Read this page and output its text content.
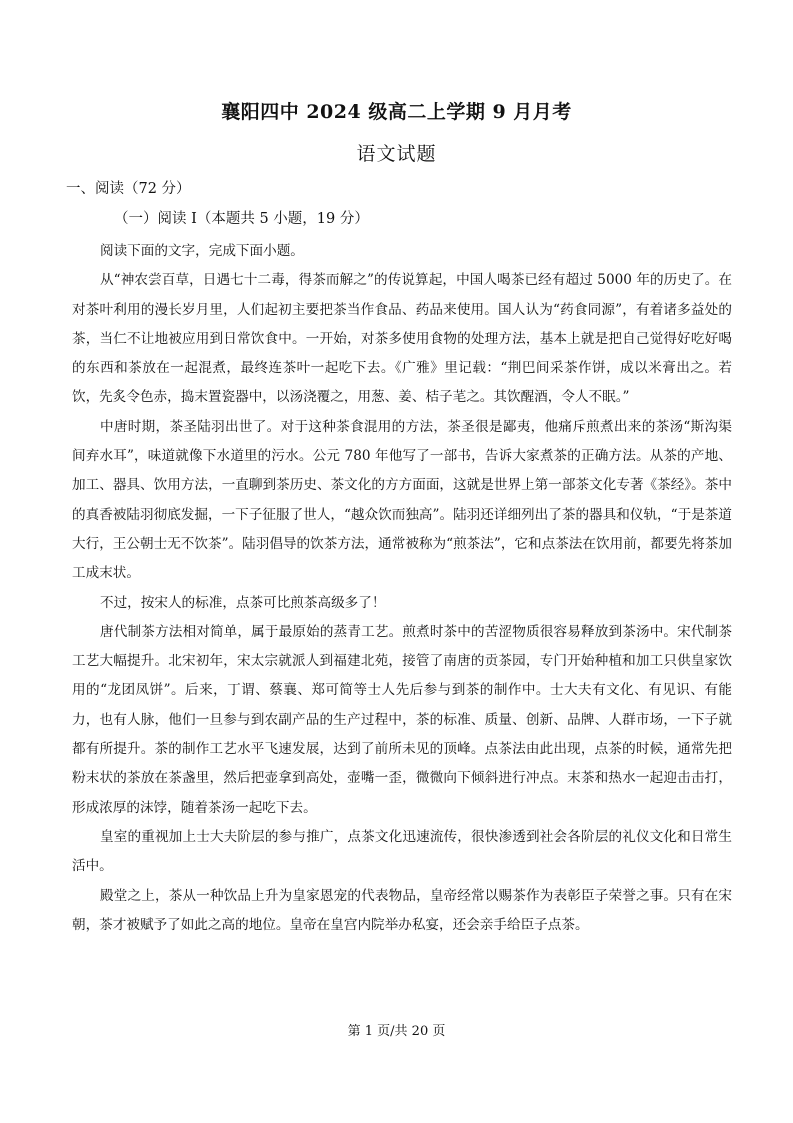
襄阳四中 2024 级高二上学期 9 月月考
语文试题
一、阅读（72 分）
（一）阅读 I（本题共 5 小题，19 分）

阅读下面的文字，完成下面小题。

从“神农尝百草，日遇七十二毒，得茶而解之”的传说算起，中国人喝茶已经有超过 5000 年的历史了。在对茶叶利用的漫长岁月里，人们起初主要把茶当作食品、药品来使用。国人认为“药食同源”，有着诸多益处的茶，当仁不让地被应用到日常饮食中。一开始，对茶多使用食物的处理方法，基本上就是把自己觉得好吃好喝的东西和茶放在一起混煮，最终连茶叶一起吃下去。《广雅》里记载：“荆巴间采茶作饼，成以米膏出之。若饮，先炙令色赤，捣末置瓷器中，以汤浇覆之，用葱、姜、桔子芼之。其饮醒酒，令人不眠。”

中唐时期，茶圣陆羽出世了。对于这种茶食混用的方法，茶圣很是鄙夷，他痛斥煎煮出来的茶汤“斯沟渠间弃水耳”，味道就像下水道里的污水。公元 780 年他写了一部书，告诉大家煮茶的正确方法。从茶的产地、加工、器具、饮用方法，一直聊到茶历史、茶文化的方方面面，这就是世界上第一部茶文化专著《茶经》。茶中的真香被陆羽彻底发掘，一下子征服了世人，“越众饮而独高”。陆羽还详细列出了茶的器具和仪轨，“于是茶道大行，王公朝士无不饮茶”。陆羽倡导的饮茶方法，通常被称为“煎茶法”，它和点茶法在饮用前，都要先将茶加工成末状。

不过，按宋人的标准，点茶可比煎茶高级多了！

唐代制茶方法相对简单，属于最原始的蒸青工艺。煎煮时茶中的苦涩物质很容易释放到茶汤中。宋代制茶工艺大幅提升。北宋初年，宋太宗就派人到福建北苑，接管了南唐的贡茶园，专门开始种植和加工只供皇家饮用的“龙团凤饼”。后来，丁谓、蔡襄、郑可简等士人先后参与到茶的制作中。士大夫有文化、有见识、有能力，也有人脉，他们一旦参与到农副产品的生产过程中，茶的标准、质量、创新、品牌、人群市场，一下子就都有所提升。茶的制作工艺水平飞速发展，达到了前所未见的顶峰。点茶法由此出现，点茶的时候，通常先把粉末状的茶放在茶盏里，然后把壶拿到高处，壶嘴一歪，微微向下倾斜进行冲点。末茶和热水一起迎击击打，形成浓厚的沫饽，随着茶汤一起吃下去。

皇室的重视加上士大夫阶层的参与推广，点茶文化迅速流传，很快渗透到社会各阶层的礼仪文化和日常生活中。

殿堂之上，茶从一种饮品上升为皇家恩宠的代表物品，皇帝经常以赐茶作为表彰臣子荣誉之事。只有在宋朝，茶才被赋予了如此之高的地位。皇帝在皇宫内院举办私宴，还会亲手给臣子点茶。

第 1 页/共 20 页
